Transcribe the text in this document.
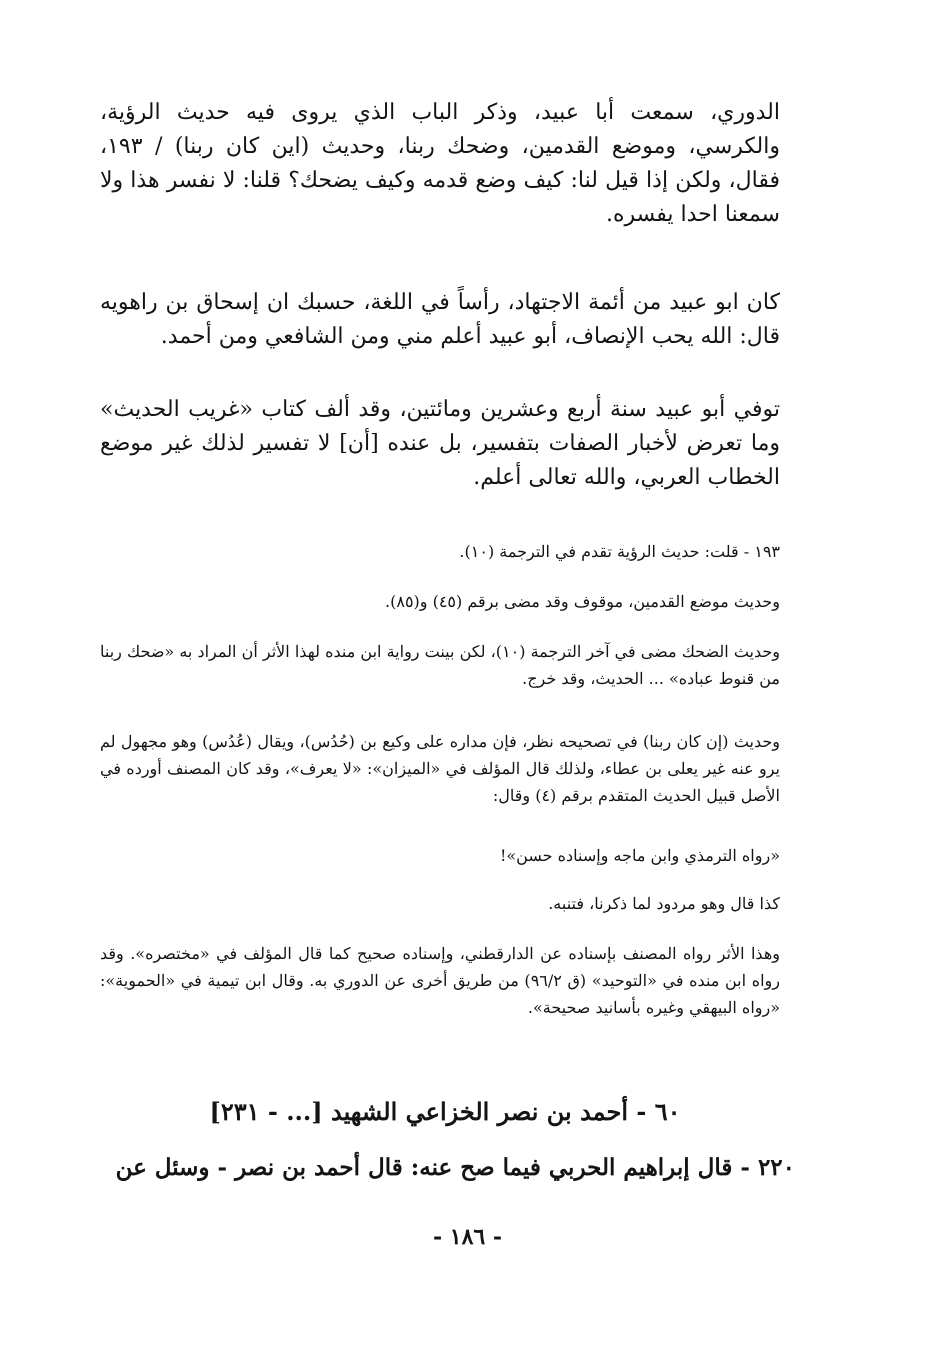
الدوري، سمعت أبا عبيد، وذكر الباب الذي يروى فيه حديث الرؤية، والكرسي، وموضع القدمين، وضحك ربنا، وحديث (اين كان ربنا) / ١٩٣، فقال، ولكن إذا قيل لنا: كيف وضع قدمه وكيف يضحك؟ قلنا: لا نفسر هذا ولا سمعنا احدا يفسره.

كان ابو عبيد من أئمة الاجتهاد، رأساً في اللغة، حسبك ان إسحاق بن راهويه قال: الله يحب الإنصاف، أبو عبيد أعلم مني ومن الشافعي ومن أحمد.

توفي أبو عبيد سنة أربع وعشرين ومائتين، وقد ألف كتاب «غريب الحديث» وما تعرض لأخبار الصفات بتفسير، بل عنده [أن] لا تفسير لذلك غير موضع الخطاب العربي، والله تعالى أعلم.

١٩٣ - قلت: حديث الرؤية تقدم في الترجمة (١٠).

وحديث موضع القدمين، موقوف وقد مضى برقم (٤٥) و(٨٥).

وحديث الضحك مضى في آخر الترجمة (١٠)، لكن بينت رواية ابن منده لهذا الأثر أن المراد به «ضحك ربنا من قنوط عباده» ... الحديث، وقد خرج.

وحديث (إن كان ربنا) في تصحيحه نظر، فإن مداره على وكيع بن (حُدُس)، ويقال (عُدُس) وهو مجهول لم يرو عنه غير يعلى بن عطاء، ولذلك قال المؤلف في «الميزان»: «لا يعرف»، وقد كان المصنف أورده في الأصل قبيل الحديث المتقدم برقم (٤) وقال:

«رواه الترمذي وابن ماجه وإسناده حسن»!

كذا قال وهو مردود لما ذكرنا، فتنبه.

وهذا الأثر رواه المصنف بإسناده عن الدارقطني، وإسناده صحيح كما قال المؤلف في «مختصره». وقد رواه ابن منده في «التوحيد» (ق ٩٦/٢) من طريق أخرى عن الدوري به. وقال ابن تيمية في «الحموية»: «رواه البيهقي وغيره بأسانيد صحيحة».

٦٠ - أحمد بن نصر الخزاعي الشهيد [... - ٢٣١]

٢٢٠ - قال إبراهيم الحربي فيما صح عنه: قال أحمد بن نصر - وسئل عن

- ١٨٦ -
